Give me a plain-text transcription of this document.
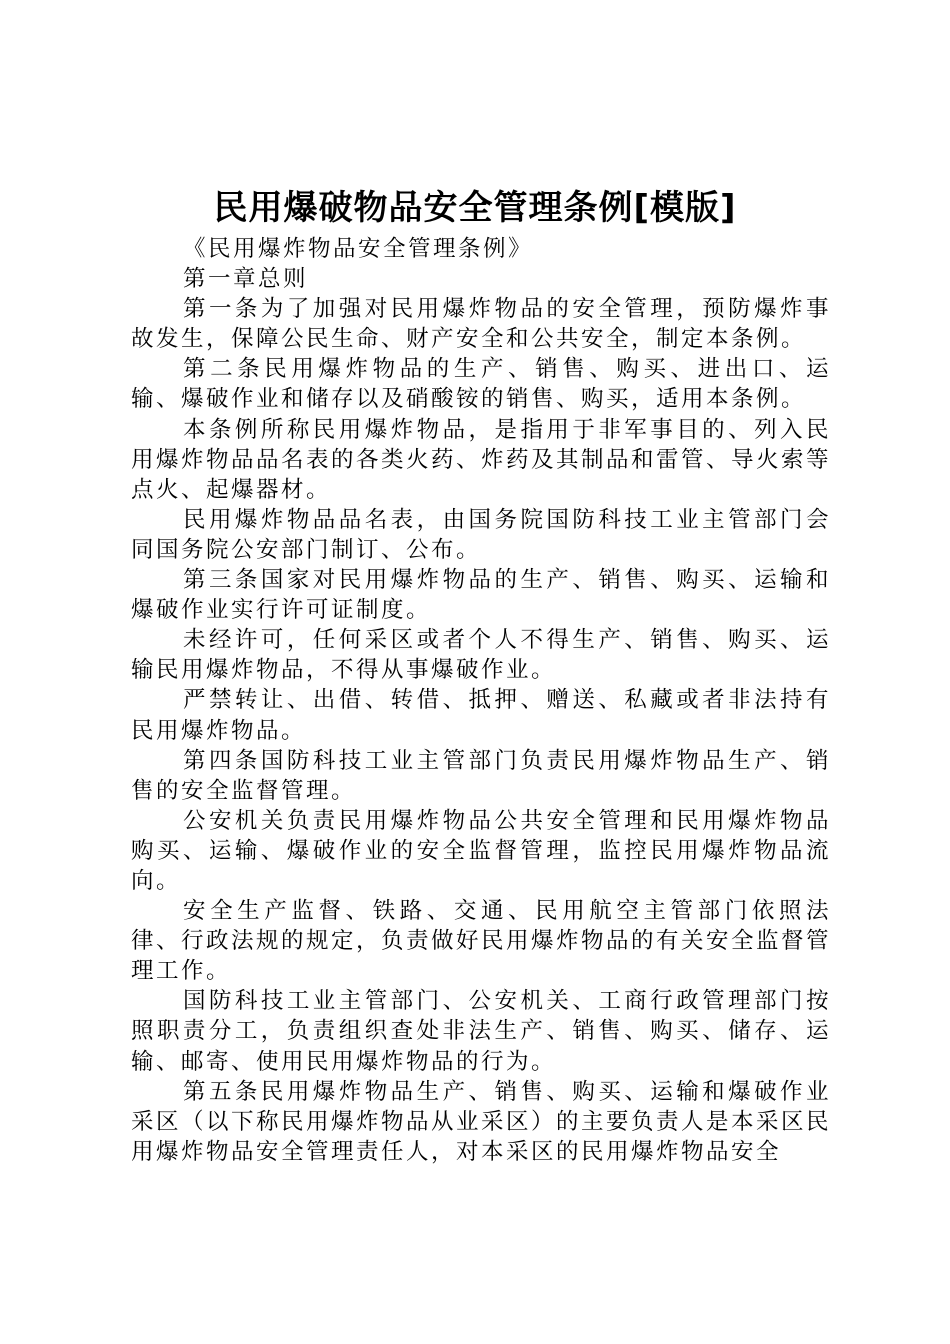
民用爆破物品安全管理条例[模版]

《民用爆炸物品安全管理条例》

第一章总则

第一条为了加强对民用爆炸物品的安全管理，预防爆炸事故发生，保障公民生命、财产安全和公共安全，制定本条例。

第二条民用爆炸物品的生产、销售、购买、进出口、运输、爆破作业和储存以及硝酸铵的销售、购买，适用本条例。

本条例所称民用爆炸物品，是指用于非军事目的、列入民用爆炸物品品名表的各类火药、炸药及其制品和雷管、导火索等点火、起爆器材。

民用爆炸物品品名表，由国务院国防科技工业主管部门会同国务院公安部门制订、公布。

第三条国家对民用爆炸物品的生产、销售、购买、运输和爆破作业实行许可证制度。

未经许可，任何采区或者个人不得生产、销售、购买、运输民用爆炸物品，不得从事爆破作业。

严禁转让、出借、转借、抵押、赠送、私藏或者非法持有民用爆炸物品。

第四条国防科技工业主管部门负责民用爆炸物品生产、销售的安全监督管理。

公安机关负责民用爆炸物品公共安全管理和民用爆炸物品购买、运输、爆破作业的安全监督管理，监控民用爆炸物品流向。

安全生产监督、铁路、交通、民用航空主管部门依照法律、行政法规的规定，负责做好民用爆炸物品的有关安全监督管理工作。

国防科技工业主管部门、公安机关、工商行政管理部门按照职责分工，负责组织查处非法生产、销售、购买、储存、运输、邮寄、使用民用爆炸物品的行为。

第五条民用爆炸物品生产、销售、购买、运输和爆破作业采区（以下称民用爆炸物品从业采区）的主要负责人是本采区民用爆炸物品安全管理责任人，对本采区的民用爆炸物品安全
